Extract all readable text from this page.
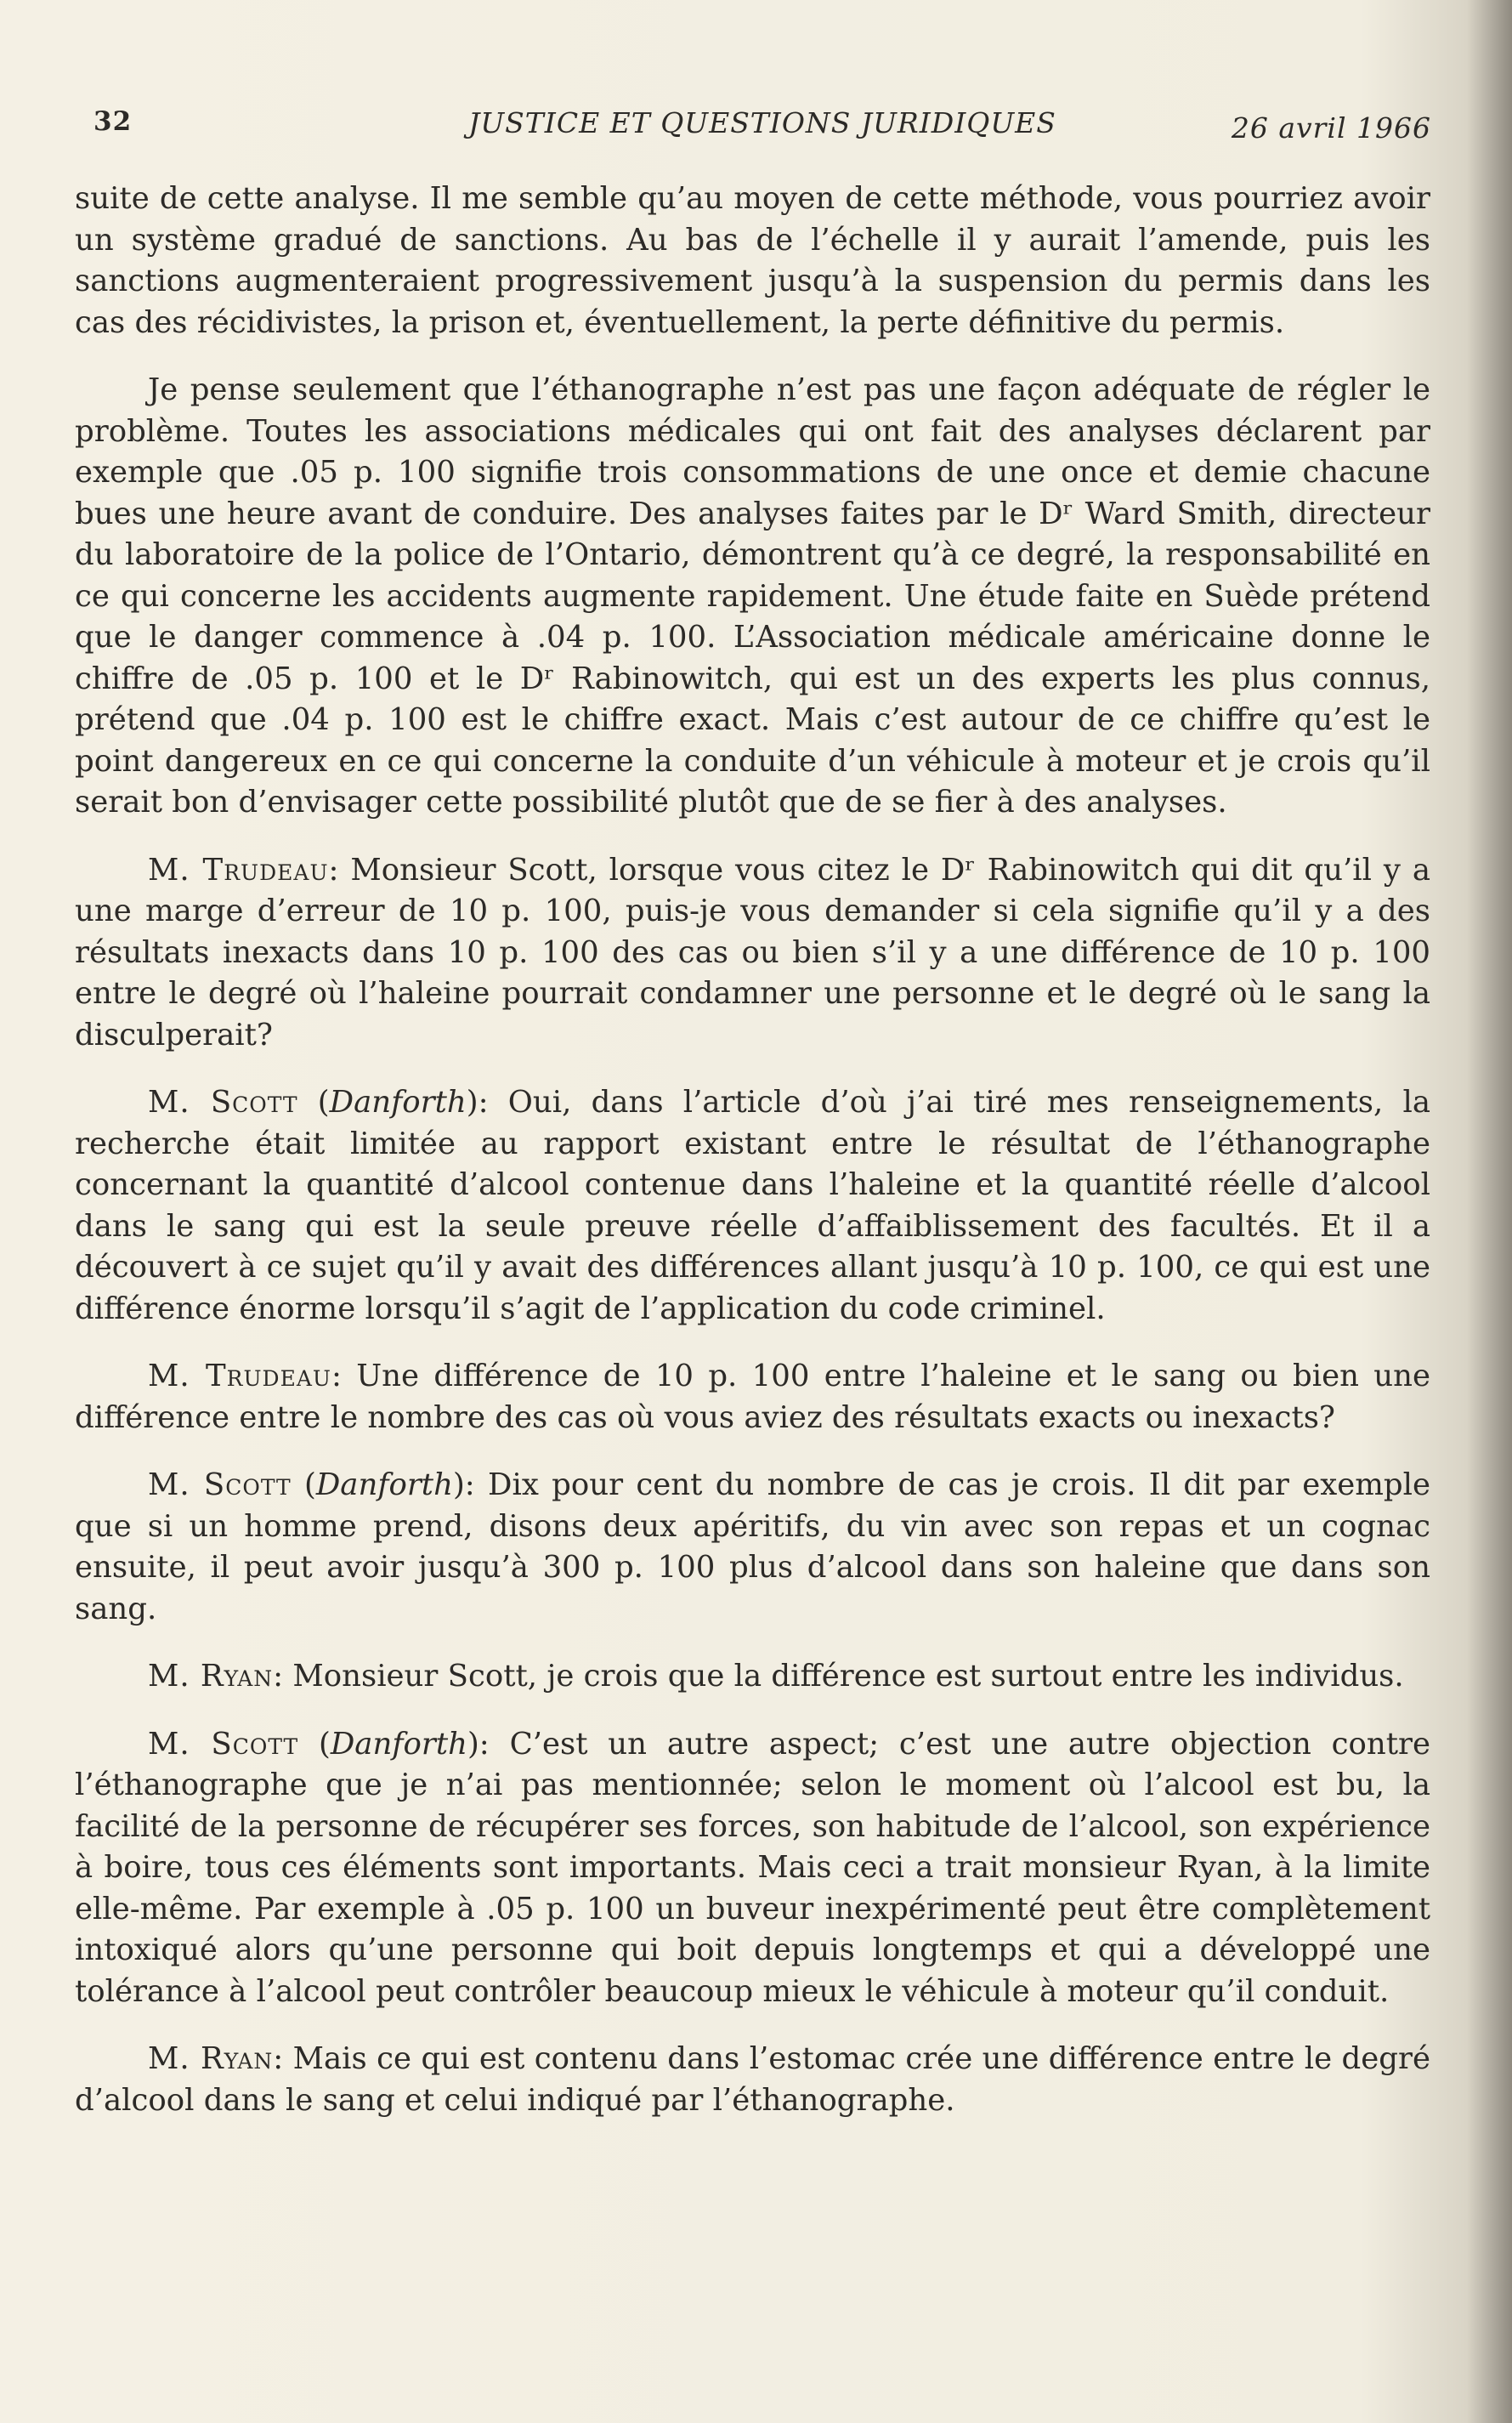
32	JUSTICE ET QUESTIONS JURIDIQUES	26 avril 1966

suite de cette analyse. Il me semble qu’au moyen de cette méthode, vous pourriez avoir un système gradué de sanctions. Au bas de l’échelle il y aurait l’amende, puis les sanctions augmenteraient progressivement jusqu’à la suspension du permis dans les cas des récidivistes, la prison et, éventuellement, la perte définitive du permis.

Je pense seulement que l’éthanographe n’est pas une façon adéquate de régler le problème. Toutes les associations médicales qui ont fait des analyses déclarent par exemple que .05 p. 100 signifie trois consommations de une once et demie chacune bues une heure avant de conduire. Des analyses faites par le Dʳ Ward Smith, directeur du laboratoire de la police de l’Ontario, démontrent qu’à ce degré, la responsabilité en ce qui concerne les accidents augmente rapidement. Une étude faite en Suède prétend que le danger commence à .04 p. 100. L’Association médicale américaine donne le chiffre de .05 p. 100 et le Dʳ Rabinowitch, qui est un des experts les plus connus, prétend que .04 p. 100 est le chiffre exact. Mais c’est autour de ce chiffre qu’est le point dangereux en ce qui concerne la conduite d’un véhicule à moteur et je crois qu’il serait bon d’envisager cette possibilité plutôt que de se fier à des analyses.

M. Trudeau: Monsieur Scott, lorsque vous citez le Dʳ Rabinowitch qui dit qu’il y a une marge d’erreur de 10 p. 100, puis-je vous demander si cela signifie qu’il y a des résultats inexacts dans 10 p. 100 des cas ou bien s’il y a une différence de 10 p. 100 entre le degré où l’haleine pourrait condamner une personne et le degré où le sang la disculperait?

M. Scott (Danforth): Oui, dans l’article d’où j’ai tiré mes renseignements, la recherche était limitée au rapport existant entre le résultat de l’éthanographe concernant la quantité d’alcool contenue dans l’haleine et la quantité réelle d’alcool dans le sang qui est la seule preuve réelle d’affaiblissement des facultés. Et il a découvert à ce sujet qu’il y avait des différences allant jusqu’à 10 p. 100, ce qui est une différence énorme lorsqu’il s’agit de l’application du code criminel.

M. Trudeau: Une différence de 10 p. 100 entre l’haleine et le sang ou bien une différence entre le nombre des cas où vous aviez des résultats exacts ou inexacts?

M. Scott (Danforth): Dix pour cent du nombre de cas je crois. Il dit par exemple que si un homme prend, disons deux apéritifs, du vin avec son repas et un cognac ensuite, il peut avoir jusqu’à 300 p. 100 plus d’alcool dans son haleine que dans son sang.

M. Ryan: Monsieur Scott, je crois que la différence est surtout entre les individus.

M. Scott (Danforth): C’est un autre aspect; c’est une autre objection contre l’éthanographe que je n’ai pas mentionnée; selon le moment où l’alcool est bu, la facilité de la personne de récupérer ses forces, son habitude de l’alcool, son expérience à boire, tous ces éléments sont importants. Mais ceci a trait monsieur Ryan, à la limite elle-même. Par exemple à .05 p. 100 un buveur inexpérimenté peut être complètement intoxiqué alors qu’une personne qui boit depuis longtemps et qui a développé une tolérance à l’alcool peut contrôler beaucoup mieux le véhicule à moteur qu’il conduit.

M. Ryan: Mais ce qui est contenu dans l’estomac crée une différence entre le degré d’alcool dans le sang et celui indiqué par l’éthanographe.
